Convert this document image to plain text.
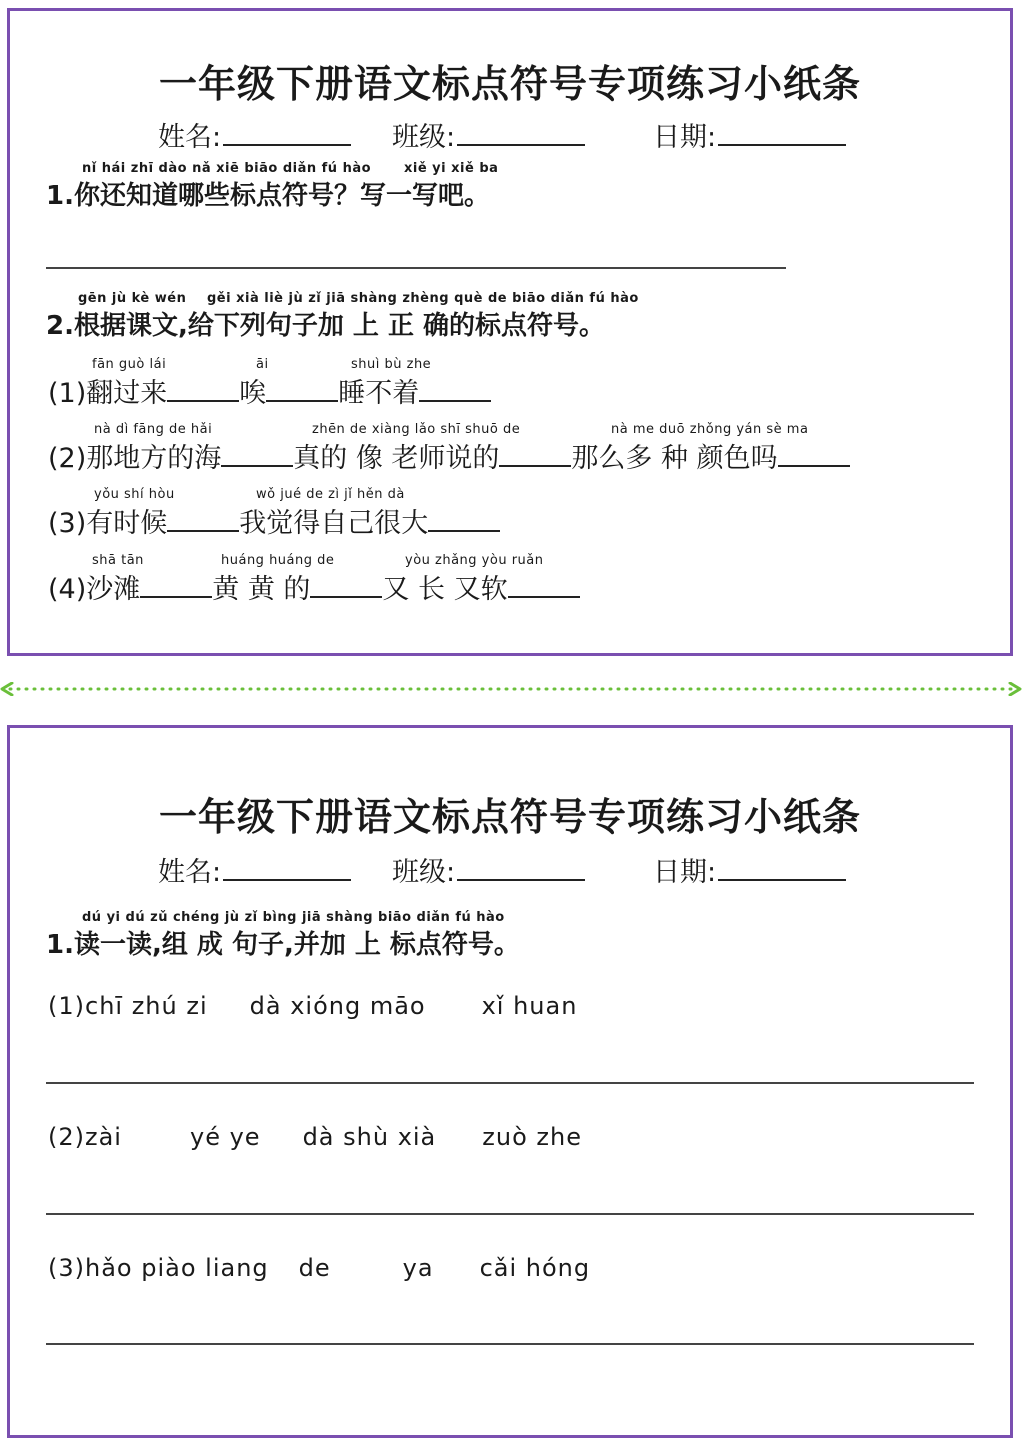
一年级下册语文标点符号专项练习小纸条
姓名:	班级:	日期:
nǐ hái zhī dào nǎ xiē biāo diǎn fú hào	xiě yi xiě ba
1.你还知道哪些标点符号？写一写吧。
gēn jù kè wén gěi xià liè jù zǐ jiā shàng zhèng què de biāo diǎn fú hào
2.根据课文,给下列句子加 上 正 确的标点符号。
fān guò lái	āi	shuì bù zhe
(1)翻过来	唉	睡不着
nà dì fāng de hǎi	zhēn de xiàng lǎo shī shuō de	nà me duō zhǒng yán sè ma
(2)那地方的海	真的 像 老师说的	那么多 种 颜色吗
yǒu shí hòu	wǒ jué de zì jǐ hěn dà
(3)有时候	我觉得自己很大
shā tān	huáng huáng de	yòu zhǎng yòu ruǎn
(4)沙滩	黄 黄 的	又 长 又软
一年级下册语文标点符号专项练习小纸条
姓名:	班级:	日期:
dú yi dú zǔ chéng jù zǐ bìng jiā shàng biāo diǎn fú hào
1.读一读,组 成 句子,并加 上 标点符号。
(1)chī zhú zi dà xióng māo xǐ huan
(2)zài	yé ye dà shù xià zuò zhe
(3)hǎo piào liang de	ya cǎi hóng
